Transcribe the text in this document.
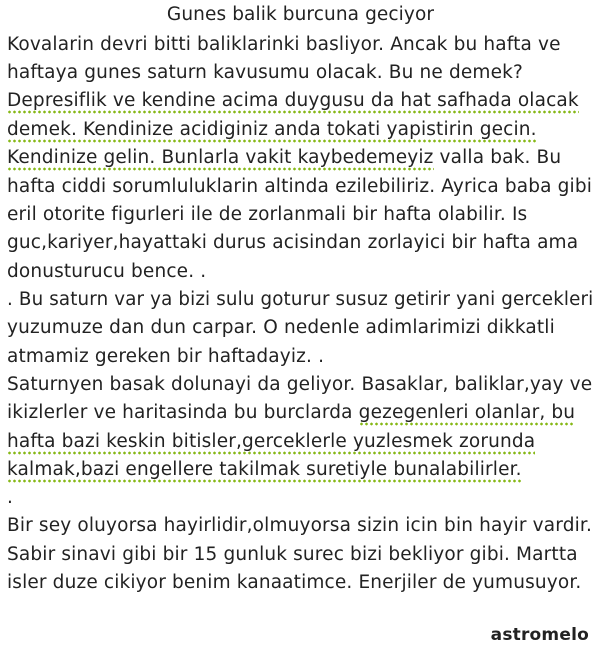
Gunes balik burcuna geciyor
Kovalarin devri bitti baliklarinki basliyor. Ancak bu hafta ve
haftaya gunes saturn kavusumu olacak. Bu ne demek?
Depresiflik ve kendine acima duygusu da hat safhada olacak
demek. Kendinize acidiginiz anda tokati yapistirin gecin.
Kendinize gelin. Bunlarla vakit kaybedemeyiz valla bak. Bu
hafta ciddi sorumluluklarin altinda ezilebiliriz. Ayrica baba gibi
eril otorite figurleri ile de zorlanmali bir hafta olabilir. Is
guc,kariyer,hayattaki durus acisindan zorlayici bir hafta ama
donusturucu bence. .
. Bu saturn var ya bizi sulu goturur susuz getirir yani gercekleri
yuzumuze dan dun carpar. O nedenle adimlarimizi dikkatli
atmamiz gereken bir haftadayiz. .
Saturnyen basak dolunayi da geliyor. Basaklar, baliklar,yay ve
ikizlerler ve haritasinda bu burclarda gezegenleri olanlar, bu
hafta bazi keskin bitisler,gerceklerle yuzlesmek zorunda
kalmak,bazi engellere takilmak suretiyle bunalabilirler.
.
Bir sey oluyorsa hayirlidir,olmuyorsa sizin icin bin hayir vardir.
Sabir sinavi gibi bir 15 gunluk surec bizi bekliyor gibi. Martta
isler duze cikiyor benim kanaatimce. Enerjiler de yumusuyor.
astromelo
